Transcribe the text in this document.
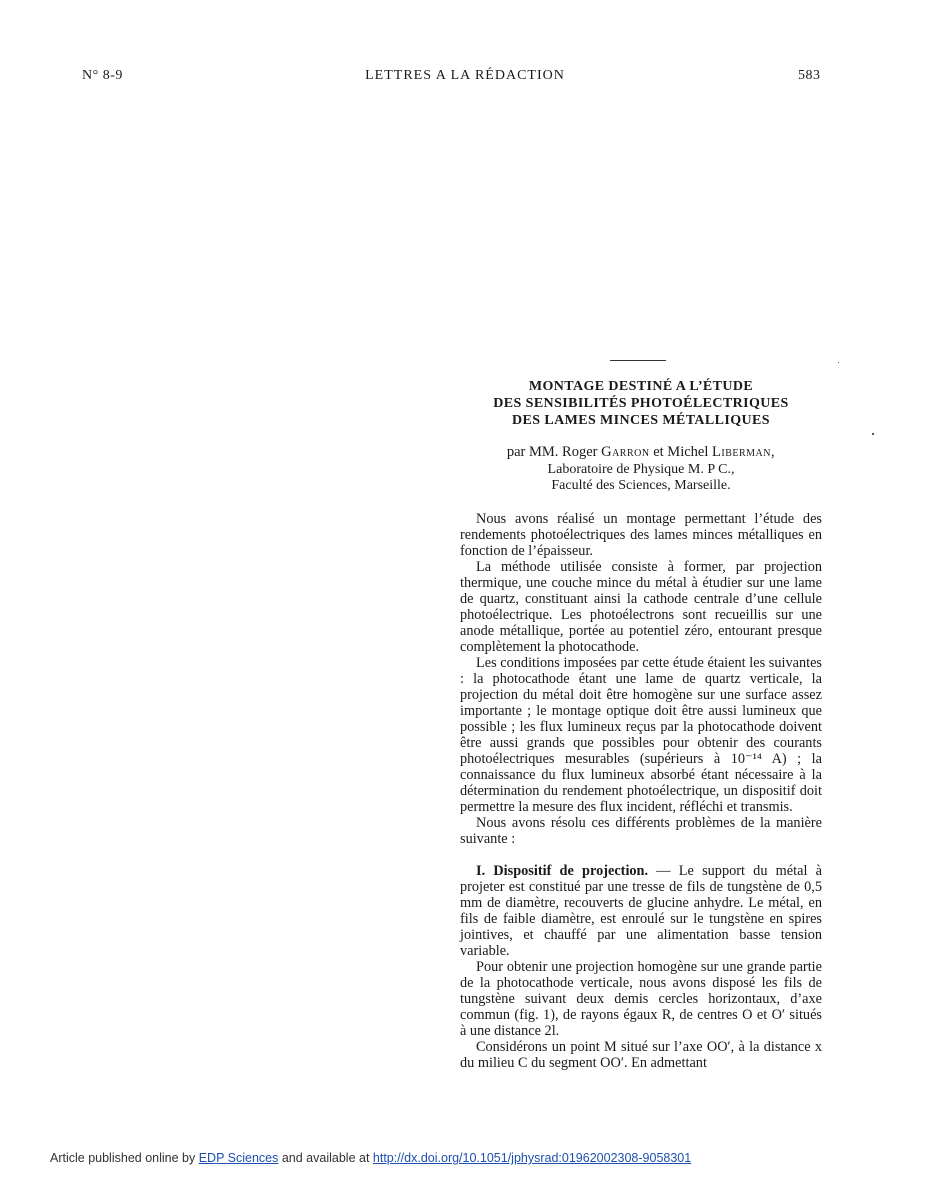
N° 8-9	LETTRES A LA RÉDACTION	583
MONTAGE DESTINÉ A L’ÉTUDE
DES SENSIBILITÉS PHOTOÉLECTRIQUES
DES LAMES MINCES MÉTALLIQUES
par MM. Roger Garron et Michel Liberman,
Laboratoire de Physique M. P C.,
Faculté des Sciences, Marseille.

Nous avons réalisé un montage permettant l’étude des rendements photoélectriques des lames minces métalliques en fonction de l’épaisseur.

La méthode utilisée consiste à former, par projection thermique, une couche mince du métal à étudier sur une lame de quartz, constituant ainsi la cathode centrale d’une cellule photoélectrique. Les photoélectrons sont recueillis sur une anode métallique, portée au potentiel zéro, entourant presque complètement la photocathode.

Les conditions imposées par cette étude étaient les suivantes : la photocathode étant une lame de quartz verticale, la projection du métal doit être homogène sur une surface assez importante ; le montage optique doit être aussi lumineux que possible ; les flux lumineux reçus par la photocathode doivent être aussi grands que possibles pour obtenir des courants photoélectriques mesurables (supérieurs à 10⁻¹⁴ A) ; la connaissance du flux lumineux absorbé étant nécessaire à la détermination du rendement photoélectrique, un dispositif doit permettre la mesure des flux incident, réfléchi et transmis.

Nous avons résolu ces différents problèmes de la manière suivante :

I. Dispositif de projection. — Le support du métal à projeter est constitué par une tresse de fils de tungstène de 0,5 mm de diamètre, recouverts de glucine anhydre. Le métal, en fils de faible diamètre, est enroulé sur le tungstène en spires jointives, et chauffé par une alimentation basse tension variable.

Pour obtenir une projection homogène sur une grande partie de la photocathode verticale, nous avons disposé les fils de tungstène suivant deux demis cercles horizontaux, d’axe commun (fig. 1), de rayons égaux R, de centres O et O′ situés à une distance 2l.

Considérons un point M situé sur l’axe OO′, à la distance x du milieu C du segment OO′. En admettant

Article published online by EDP Sciences and available at http://dx.doi.org/10.1051/jphysrad:01962002308-9058301
